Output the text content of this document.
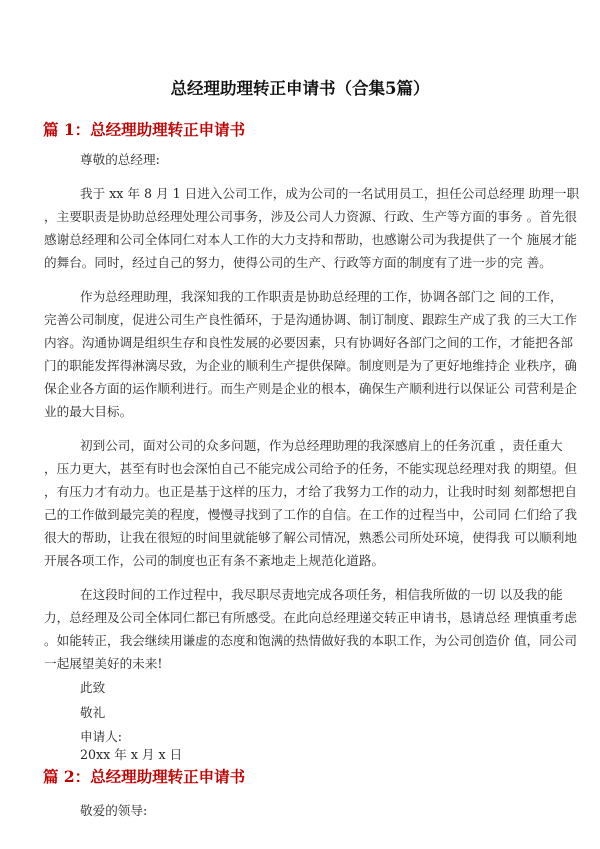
总经理助理转正申请书（合集5篇）
篇 1：总经理助理转正申请书

尊敬的总经理:

我于 xx 年 8 月 1 日进入公司工作，成为公司的一名试用员工，担任公司总经理 助理一职

，主要职责是协助总经理处理公司事务，涉及公司人力资源、行政、生产等方面的事务 。首先很

感谢总经理和公司全体同仁对本人工作的大力支持和帮助，也感谢公司为我提供了一个 施展才能

的舞台。同时，经过自己的努力，使得公司的生产、行政等方面的制度有了进一步的完 善。

作为总经理助理，我深知我的工作职责是协助总经理的工作，协调各部门之 间的工作，

完善公司制度，促进公司生产良性循环，于是沟通协调、制订制度、跟踪生产成了我 的三大工作

内容。沟通协调是组织生存和良性发展的必要因素，只有协调好各部门之间的工作，才能把各部

门的职能发挥得淋漓尽致，为企业的顺利生产提供保障。制度则是为了更好地维持企 业秩序，确

保企业各方面的运作顺利进行。而生产则是企业的根本，确保生产顺利进行以保证公 司营利是企

业的最大目标。

初到公司，面对公司的众多问题，作为总经理助理的我深感肩上的任务沉重 ，责任重大

，压力更大，甚至有时也会深怕自己不能完成公司给予的任务，不能实现总经理对我 的期望。但

，有压力才有动力。也正是基于这样的压力，才给了我努力工作的动力，让我时时刻 刻都想把自

己的工作做到最完美的程度，慢慢寻找到了工作的自信。在工作的过程当中，公司同 仁们给了我

很大的帮助，让我在很短的时间里就能够了解公司情况，熟悉公司所处环境，使得我 可以顺利地

开展各项工作，公司的制度也正有条不紊地走上规范化道路。

在这段时间的工作过程中，我尽职尽责地完成各项任务，相信我所做的一切 以及我的能

力，总经理及公司全体同仁都已有所感受。在此向总经理递交转正申请书，恳请总经 理慎重考虑

。如能转正，我会继续用谦虚的态度和饱满的热情做好我的本职工作，为公司创造价 值，同公司

一起展望美好的未来!

此致

敬礼

申请人:

20xx 年 x 月 x 日

篇 2：总经理助理转正申请书

敬爱的领导:
